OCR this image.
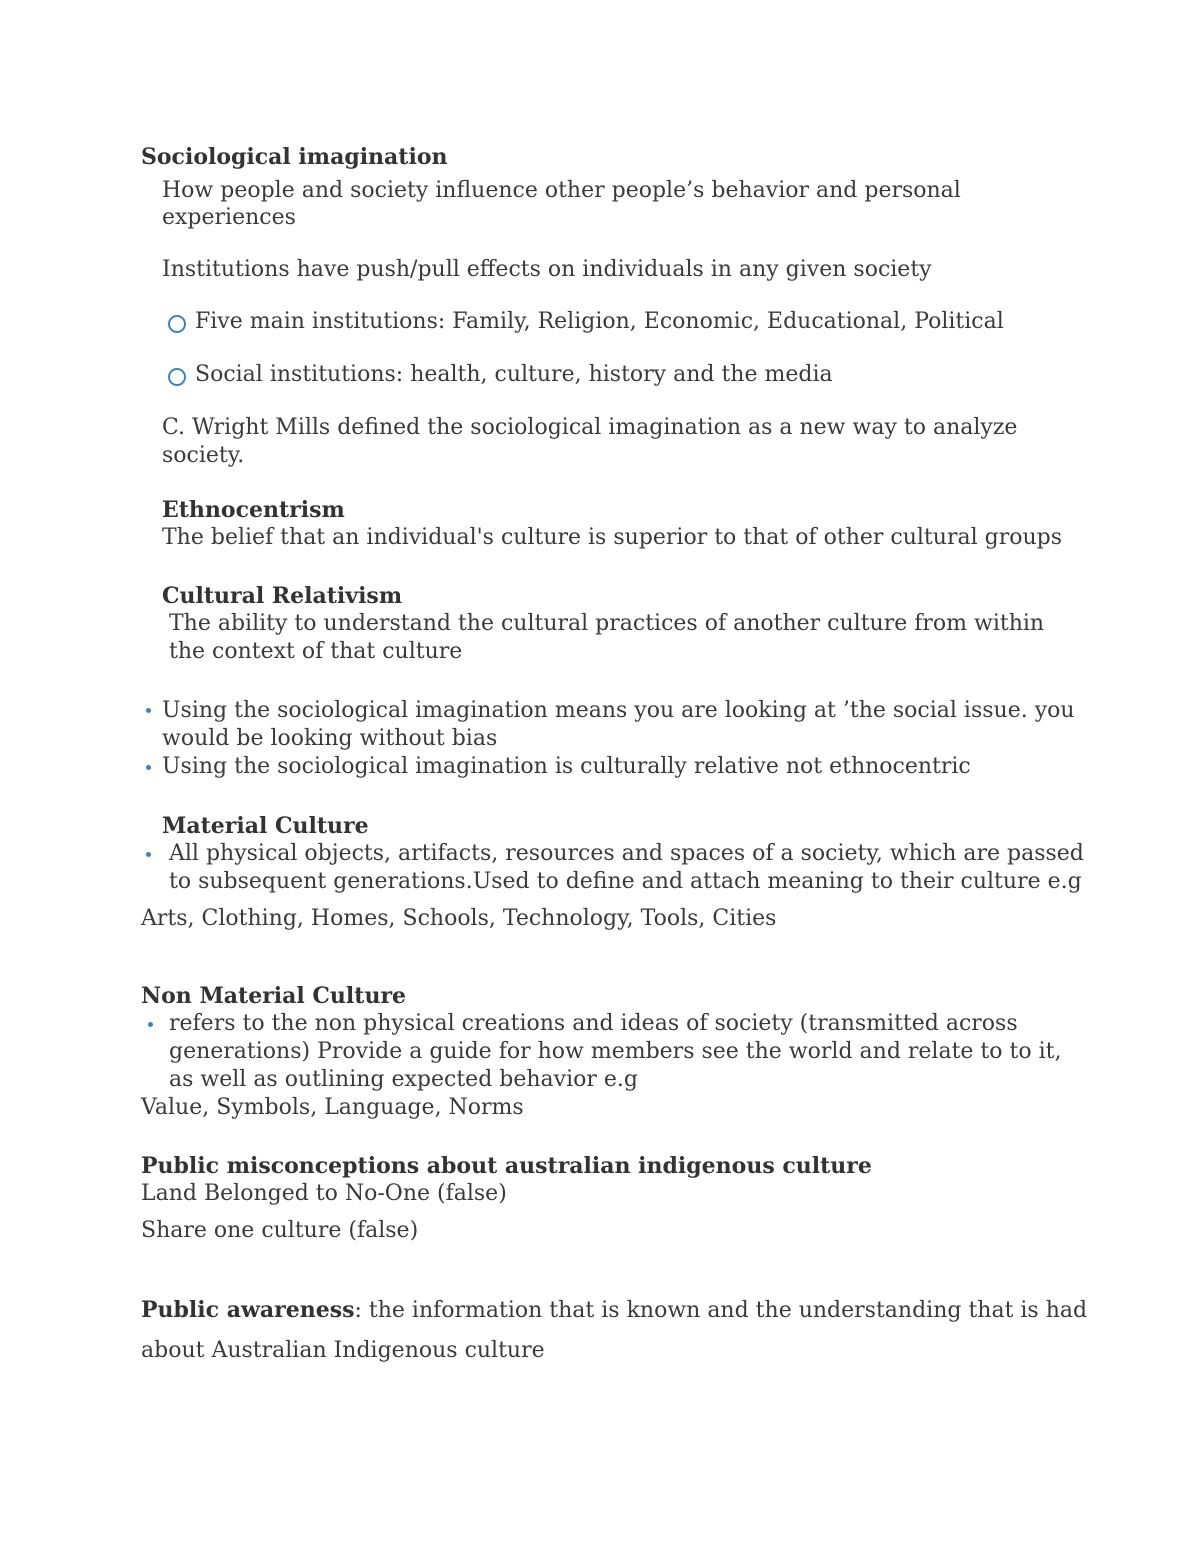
Sociological imagination
How people and society influence other people’s behavior and personal
experiences
Institutions have push/pull effects on individuals in any given society
Five main institutions: Family, Religion, Economic, Educational, Political
Social institutions: health, culture, history and the media
C. Wright Mills defined the sociological imagination as a new way to analyze
society.
Ethnocentrism
The belief that an individual's culture is superior to that of other cultural groups
Cultural Relativism
The ability to understand the cultural practices of another culture from within
the context of that culture
Using the sociological imagination means you are looking at ’the social issue. you
would be looking without bias
Using the sociological imagination is culturally relative not ethnocentric
Material Culture
All physical objects, artifacts, resources and spaces of a society, which are passed
to subsequent generations.Used to define and attach meaning to their culture e.g
Arts, Clothing, Homes, Schools, Technology, Tools, Cities
Non Material Culture
refers to the non physical creations and ideas of society (transmitted across
generations) Provide a guide for how members see the world and relate to to it,
as well as outlining expected behavior e.g
Value, Symbols, Language, Norms
Public misconceptions about australian indigenous culture
Land Belonged to No-One (false)
Share one culture (false)
Public awareness: the information that is known and the understanding that is had
about Australian Indigenous culture
